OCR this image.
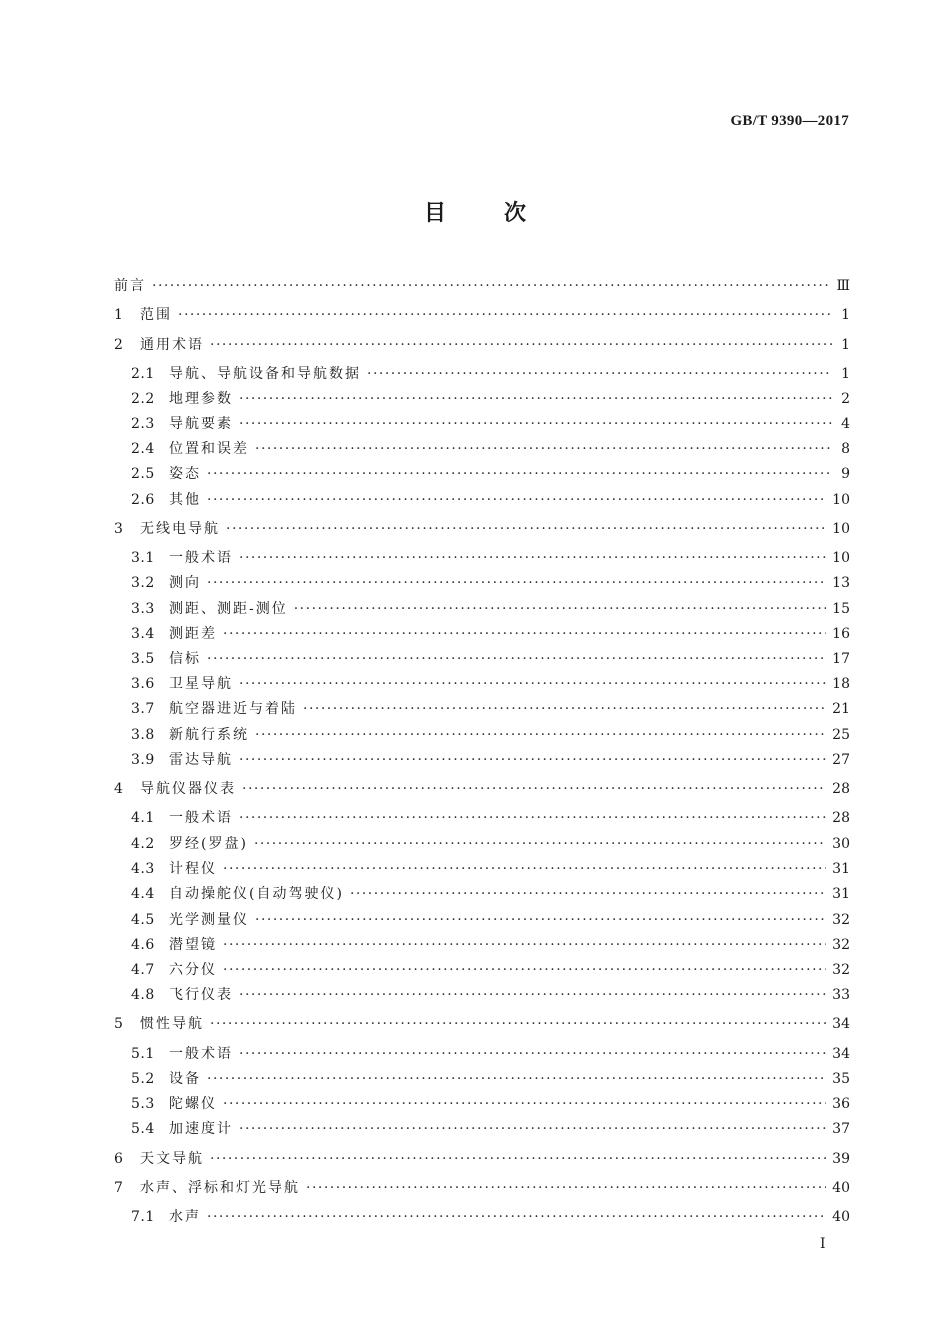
GB/T 9390—2017
目次
前言 ·····	Ⅲ
1	范围 ·····	1
2	通用术语 ·····	1
2.1	导航、导航设备和导航数据 ·····	1
2.2	地理参数 ·····	2
2.3	导航要素 ·····	4
2.4	位置和误差 ·····	8
2.5	姿态 ·····	9
2.6	其他 ·····	10
3	无线电导航 ·····	10
3.1	一般术语 ·····	10
3.2	测向 ·····	13
3.3	测距、测距-测位 ·····	15
3.4	测距差 ·····	16
3.5	信标 ·····	17
3.6	卫星导航 ·····	18
3.7	航空器进近与着陆 ·····	21
3.8	新航行系统 ·····	25
3.9	雷达导航 ·····	27
4	导航仪器仪表 ·····	28
4.1	一般术语 ·····	28
4.2	罗经(罗盘) ·····	30
4.3	计程仪 ·····	31
4.4	自动操舵仪(自动驾驶仪) ·····	31
4.5	光学测量仪 ·····	32
4.6	潜望镜 ·····	32
4.7	六分仪 ·····	32
4.8	飞行仪表 ·····	33
5	惯性导航 ·····	34
5.1	一般术语 ·····	34
5.2	设备 ·····	35
5.3	陀螺仪 ·····	36
5.4	加速度计 ·····	37
6	天文导航 ·····	39
7	水声、浮标和灯光导航 ·····	40
7.1	水声 ·····	40
I
